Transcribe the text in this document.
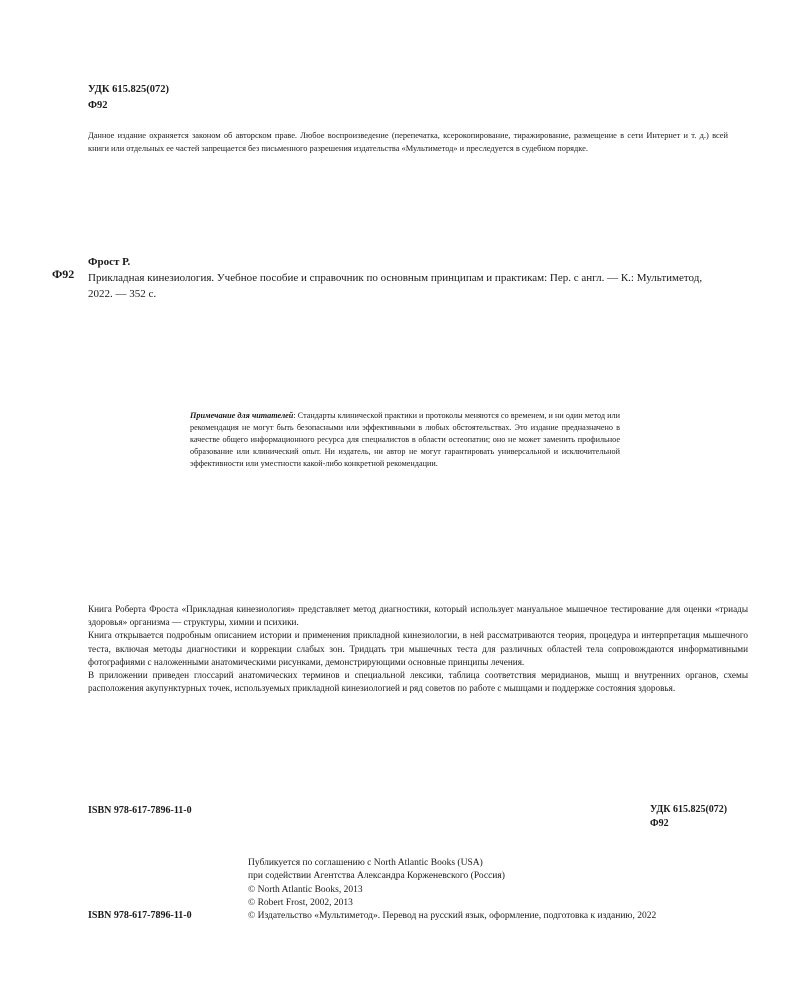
УДК 615.825(072)
Ф92
Данное издание охраняется законом об авторском праве. Любое воспроизведение (перепечатка, ксерокопирование, тиражирование, размещение в сети Интернет и т. д.) всей книги или отдельных ее частей запрещается без письменного разрешения издательства «Мультиметод» и преследуется в судебном порядке.
Ф92
Фрост Р.
Прикладная кинезиология. Учебное пособие и справочник по основным принципам и практикам: Пер. с англ. — К.: Мультиметод, 2022. — 352 с.
Примечание для читателей: Стандарты клинической практики и протоколы меняются со временем, и ни один метод или рекомендация не могут быть безопасными или эффективными в любых обстоятельствах. Это издание предназначено в качестве общего информационного ресурса для специалистов в области остеопатии; оно не может заменить профильное образование или клинический опыт. Ни издатель, ни автор не могут гарантировать универсальной и исключительной эффективности или уместности какой-либо конкретной рекомендации.

Книга Роберта Фроста «Прикладная кинезиология» представляет метод диагностики, который использует мануальное мышечное тестирование для оценки «триады здоровья» организма — структуры, химии и психики.

Книга открывается подробным описанием истории и применения прикладной кинезиологии, в ней рассматриваются теория, процедура и интерпретация мышечного теста, включая методы диагностики и коррекции слабых зон. Тридцать три мышечных теста для различных областей тела сопровождаются информативными фотографиями с наложенными анатомическими рисунками, демонстрирующими основные принципы лечения.

В приложении приведен глоссарий анатомических терминов и специальной лексики, таблица соответствия меридианов, мышц и внутренних органов, схемы расположения акупунктурных точек, используемых прикладной кинезиологией и ряд советов по работе с мышцами и поддержке состояния здоровья.

ISBN 978-617-7896-11-0	УДК 615.825(072)
Ф92
Публикуется по соглашению с North Atlantic Books (USA)
при содействии Агентства Александра Корженевского (Россия)
© North Atlantic Books, 2013
© Robert Frost, 2002, 2013
© Издательство «Мультиметод». Перевод на русский язык, оформление, подготовка к изданию, 2022
ISBN 978-617-7896-11-0
